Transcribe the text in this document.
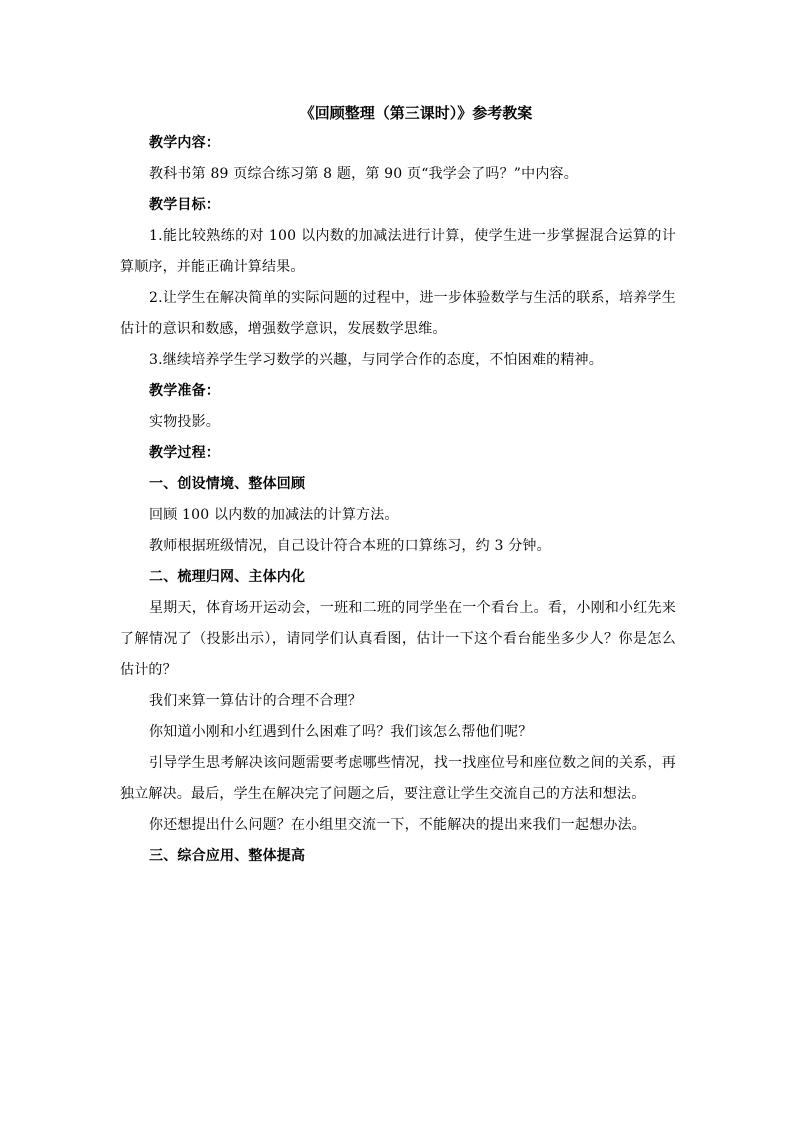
《回顾整理（第三课时）》参考教案

教学内容：

教科书第 89 页综合练习第 8 题，第 90 页“我学会了吗？”中内容。

教学目标：

1.能比较熟练的对 100 以内数的加减法进行计算，使学生进一步掌握混合运算的计算顺序，并能正确计算结果。

2.让学生在解决简单的实际问题的过程中，进一步体验数学与生活的联系，培养学生估计的意识和数感，增强数学意识，发展数学思维。

3.继续培养学生学习数学的兴趣，与同学合作的态度，不怕困难的精神。

教学准备：

实物投影。

教学过程：

一、创设情境、整体回顾

回顾 100 以内数的加减法的计算方法。

教师根据班级情况，自己设计符合本班的口算练习，约 3 分钟。

二、梳理归网、主体内化

星期天，体育场开运动会，一班和二班的同学坐在一个看台上。看，小刚和小红先来了解情况了（投影出示），请同学们认真看图，估计一下这个看台能坐多少人？你是怎么估计的？

我们来算一算估计的合理不合理？

你知道小刚和小红遇到什么困难了吗？我们该怎么帮他们呢？

引导学生思考解决该问题需要考虑哪些情况，找一找座位号和座位数之间的关系，再独立解决。最后，学生在解决完了问题之后，要注意让学生交流自己的方法和想法。

你还想提出什么问题？在小组里交流一下，不能解决的提出来我们一起想办法。

三、综合应用、整体提高
